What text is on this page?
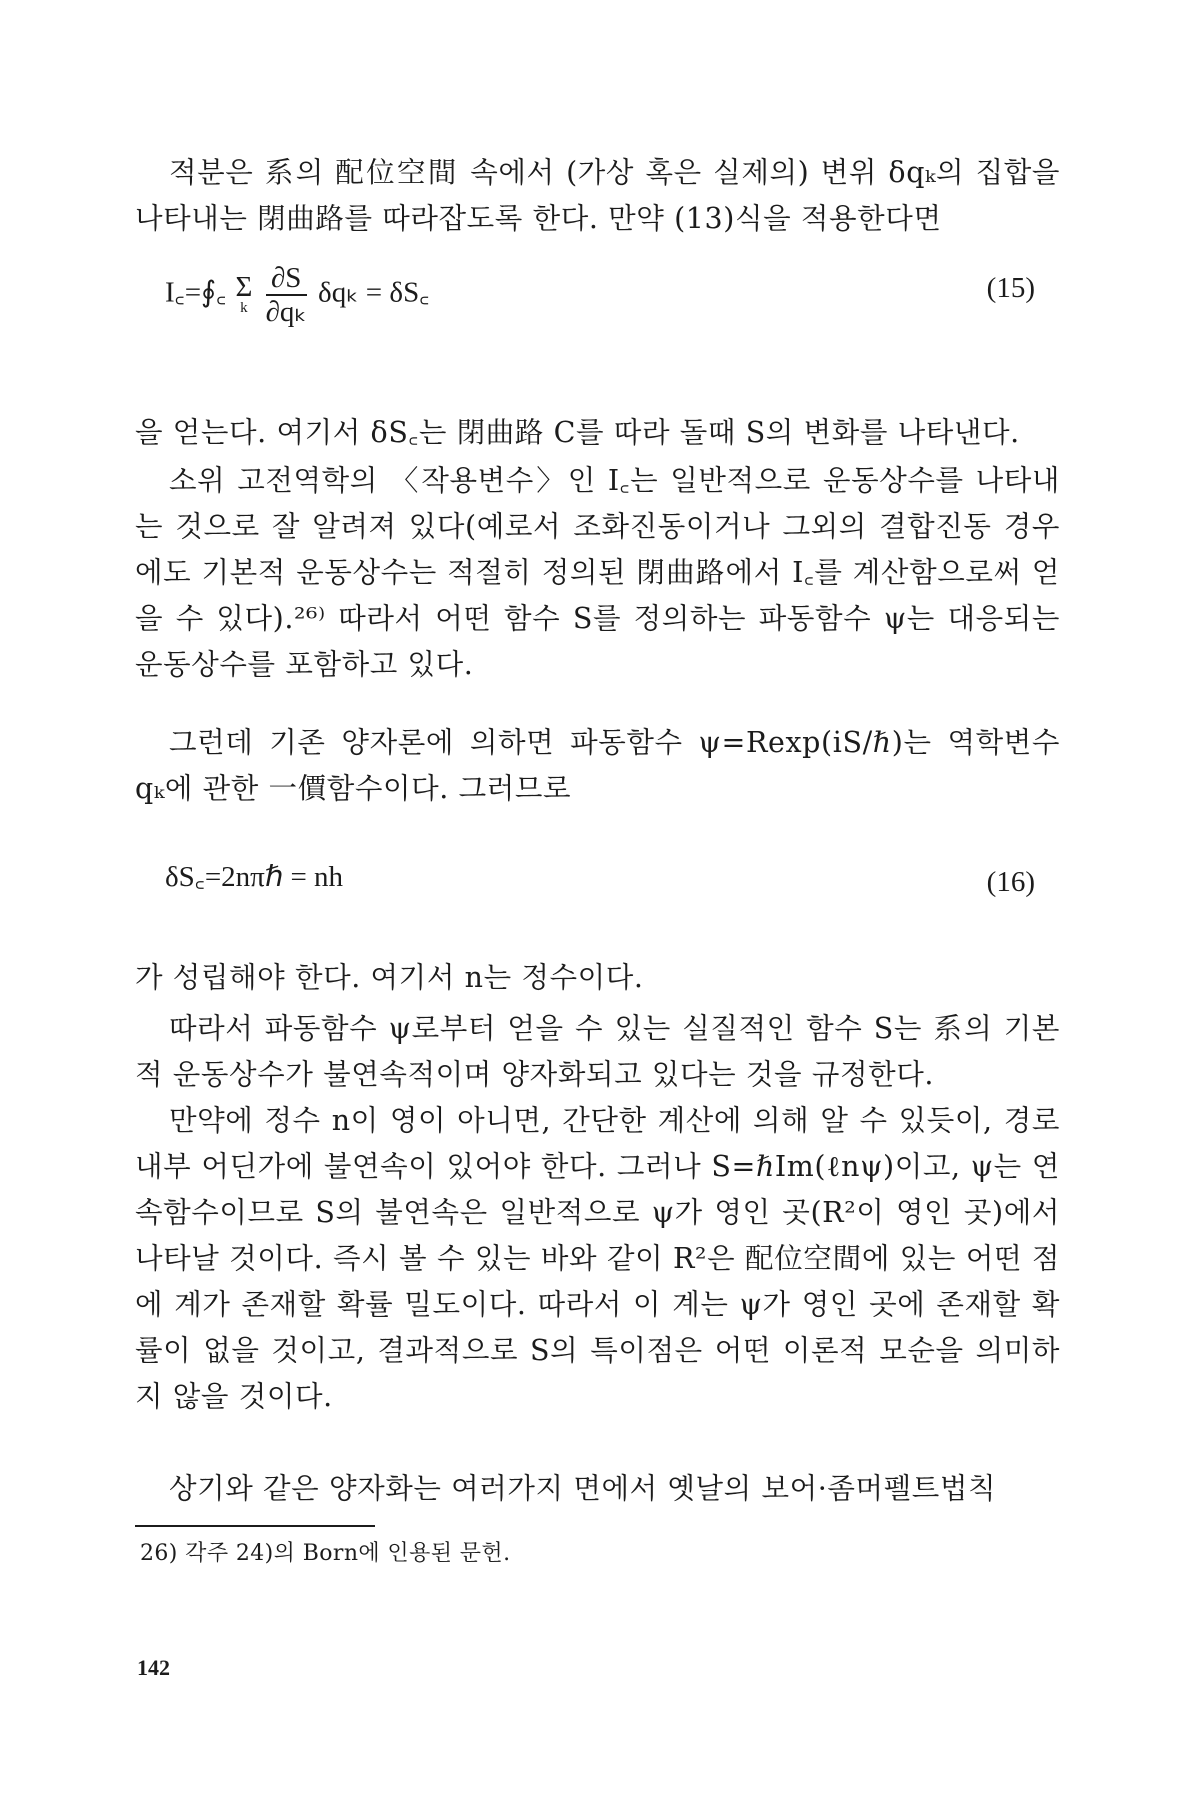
적분은 系의 配位空間 속에서 (가상 혹은 실제의) 변위 δqₖ의 집합을 나타내는 閉曲路를 따라잡도록 한다. 만약 (13)식을 적용한다면

I꜀=∮꜀ Σ
k
$\frac{\partial S}{\text{∂qₖ}}$ δqₖ = δS꜀	(15)

을 얻는다. 여기서 δS꜀는 閉曲路 C를 따라 돌때 S의 변화를 나타낸다.

소위 고전역학의 〈작용변수〉인 I꜀는 일반적으로 운동상수를 나타내는 것으로 잘 알려져 있다(예로서 조화진동이거나 그외의 결합진동 경우에도 기본적 운동상수는 적절히 정의된 閉曲路에서 I꜀를 계산함으로써 얻을 수 있다).²⁶⁾ 따라서 어떤 함수 S를 정의하는 파동함수 ψ는 대응되는 운동상수를 포함하고 있다.

그런데 기존 양자론에 의하면 파동함수 ψ=Rexp(iS/ℏ)는 역학변수 qₖ에 관한 一價함수이다. 그러므로

δS꜀=2nπℏ = nh	(16)

가 성립해야 한다. 여기서 n는 정수이다.

따라서 파동함수 ψ로부터 얻을 수 있는 실질적인 함수 S는 系의 기본적 운동상수가 불연속적이며 양자화되고 있다는 것을 규정한다.

만약에 정수 n이 영이 아니면, 간단한 계산에 의해 알 수 있듯이, 경로 내부 어딘가에 불연속이 있어야 한다. 그러나 S=ℏIm(ℓnψ)이고, ψ는 연속함수이므로 S의 불연속은 일반적으로 ψ가 영인 곳(R²이 영인 곳)에서 나타날 것이다. 즉시 볼 수 있는 바와 같이 R²은 配位空間에 있는 어떤 점에 계가 존재할 확률 밀도이다. 따라서 이 계는 ψ가 영인 곳에 존재할 확률이 없을 것이고, 결과적으로 S의 특이점은 어떤 이론적 모순을 의미하지 않을 것이다.

상기와 같은 양자화는 여러가지 면에서 옛날의 보어·좀머펠트법칙

26) 각주 24)의 Born에 인용된 문헌.
142
